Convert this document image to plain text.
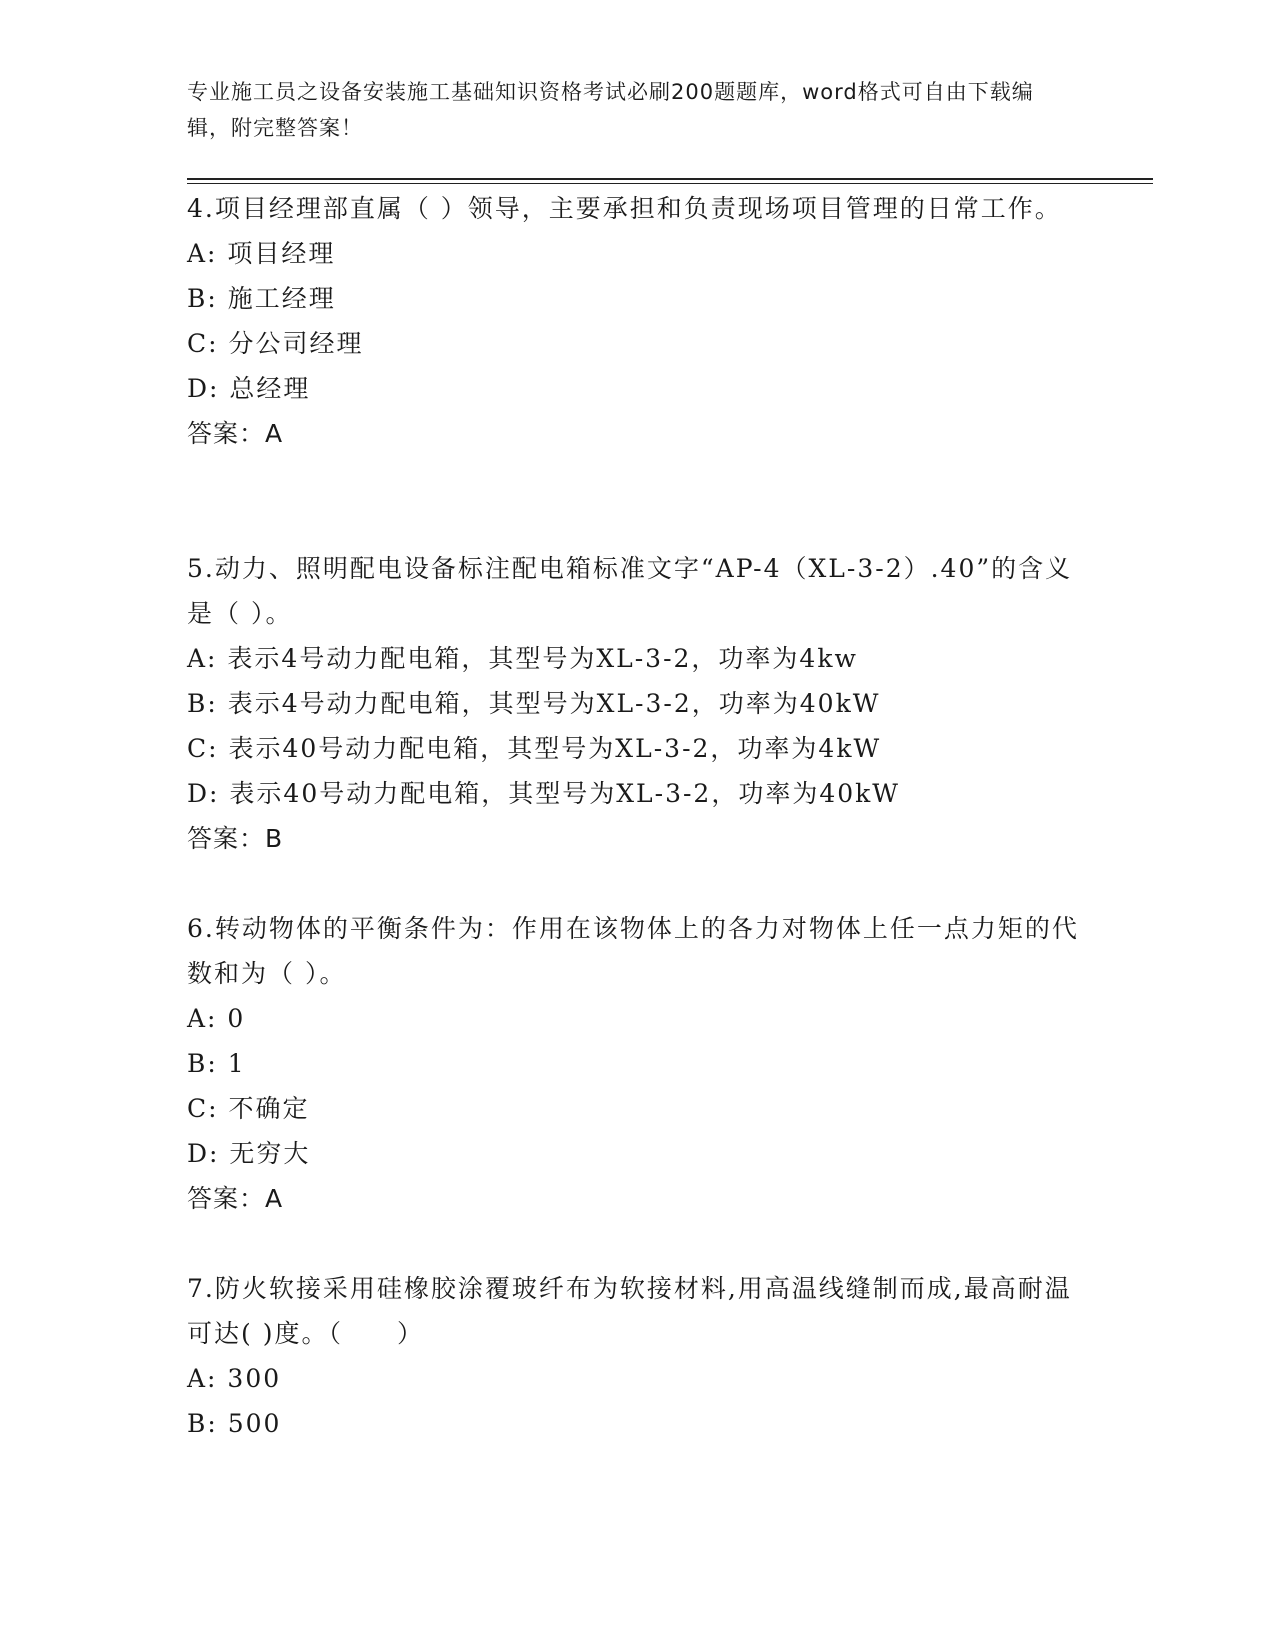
专业施工员之设备安装施工基础知识资格考试必刷200题题库，word格式可自由下载编辑，附完整答案！

4.项目经理部直属（ ）领导，主要承担和负责现场项目管理的日常工作。

A: 项目经理
B: 施工经理
C: 分公司经理
D: 总经理
答案：A

5.动力、照明配电设备标注配电箱标准文字“AP-4（XL-3-2）.40”的含义是（ ）。

A: 表示4号动力配电箱，其型号为XL-3-2，功率为4kw
B: 表示4号动力配电箱，其型号为XL-3-2，功率为40kW
C: 表示40号动力配电箱，其型号为XL-3-2，功率为4kW
D: 表示40号动力配电箱，其型号为XL-3-2，功率为40kW
答案：B

6.转动物体的平衡条件为：作用在该物体上的各力对物体上任一点力矩的代数和为（ ）。

A: 0
B: 1
C: 不确定
D: 无穷大
答案：A

7.防火软接采用硅橡胶涂覆玻纤布为软接材料,用高温线缝制而成,最高耐温可达( )度。（　　）

A: 300
B: 500
